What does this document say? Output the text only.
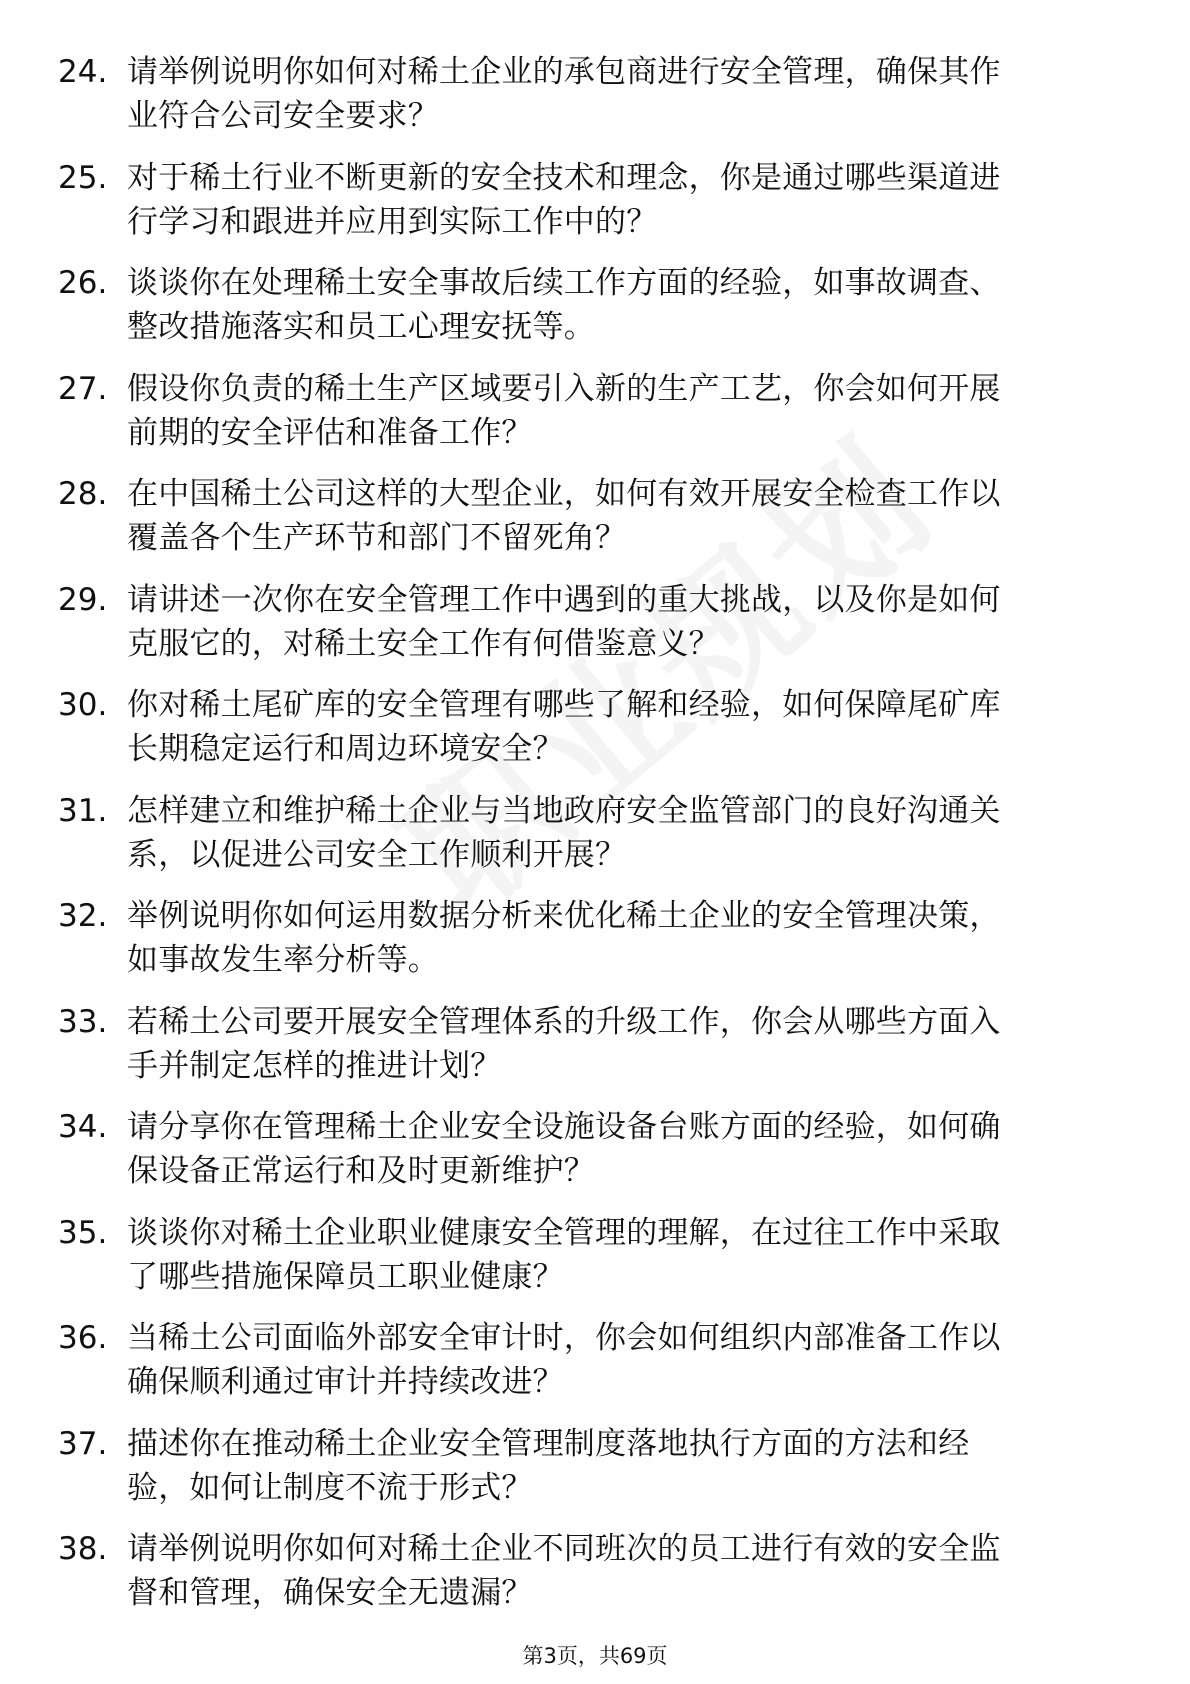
24. 请举例说明你如何对稀土企业的承包商进行安全管理，确保其作
业符合公司安全要求？
25. 对于稀土行业不断更新的安全技术和理念，你是通过哪些渠道进
行学习和跟进并应用到实际工作中的？
26. 谈谈你在处理稀土安全事故后续工作方面的经验，如事故调查、
整改措施落实和员工心理安抚等。
27. 假设你负责的稀土生产区域要引入新的生产工艺，你会如何开展
前期的安全评估和准备工作？
28. 在中国稀土公司这样的大型企业，如何有效开展安全检查工作以
覆盖各个生产环节和部门不留死角？
29. 请讲述一次你在安全管理工作中遇到的重大挑战，以及你是如何
克服它的，对稀土安全工作有何借鉴意义？
30. 你对稀土尾矿库的安全管理有哪些了解和经验，如何保障尾矿库
长期稳定运行和周边环境安全？
31. 怎样建立和维护稀土企业与当地政府安全监管部门的良好沟通关
系，以促进公司安全工作顺利开展？
32. 举例说明你如何运用数据分析来优化稀土企业的安全管理决策，
如事故发生率分析等。
33. 若稀土公司要开展安全管理体系的升级工作，你会从哪些方面入
手并制定怎样的推进计划？
34. 请分享你在管理稀土企业安全设施设备台账方面的经验，如何确
保设备正常运行和及时更新维护？
35. 谈谈你对稀土企业职业健康安全管理的理解，在过往工作中采取
了哪些措施保障员工职业健康？
36. 当稀土公司面临外部安全审计时，你会如何组织内部准备工作以
确保顺利通过审计并持续改进？
37. 描述你在推动稀土企业安全管理制度落地执行方面的方法和经
验，如何让制度不流于形式？
38. 请举例说明你如何对稀土企业不同班次的员工进行有效的安全监
督和管理，确保安全无遗漏？
第3页，共69页
